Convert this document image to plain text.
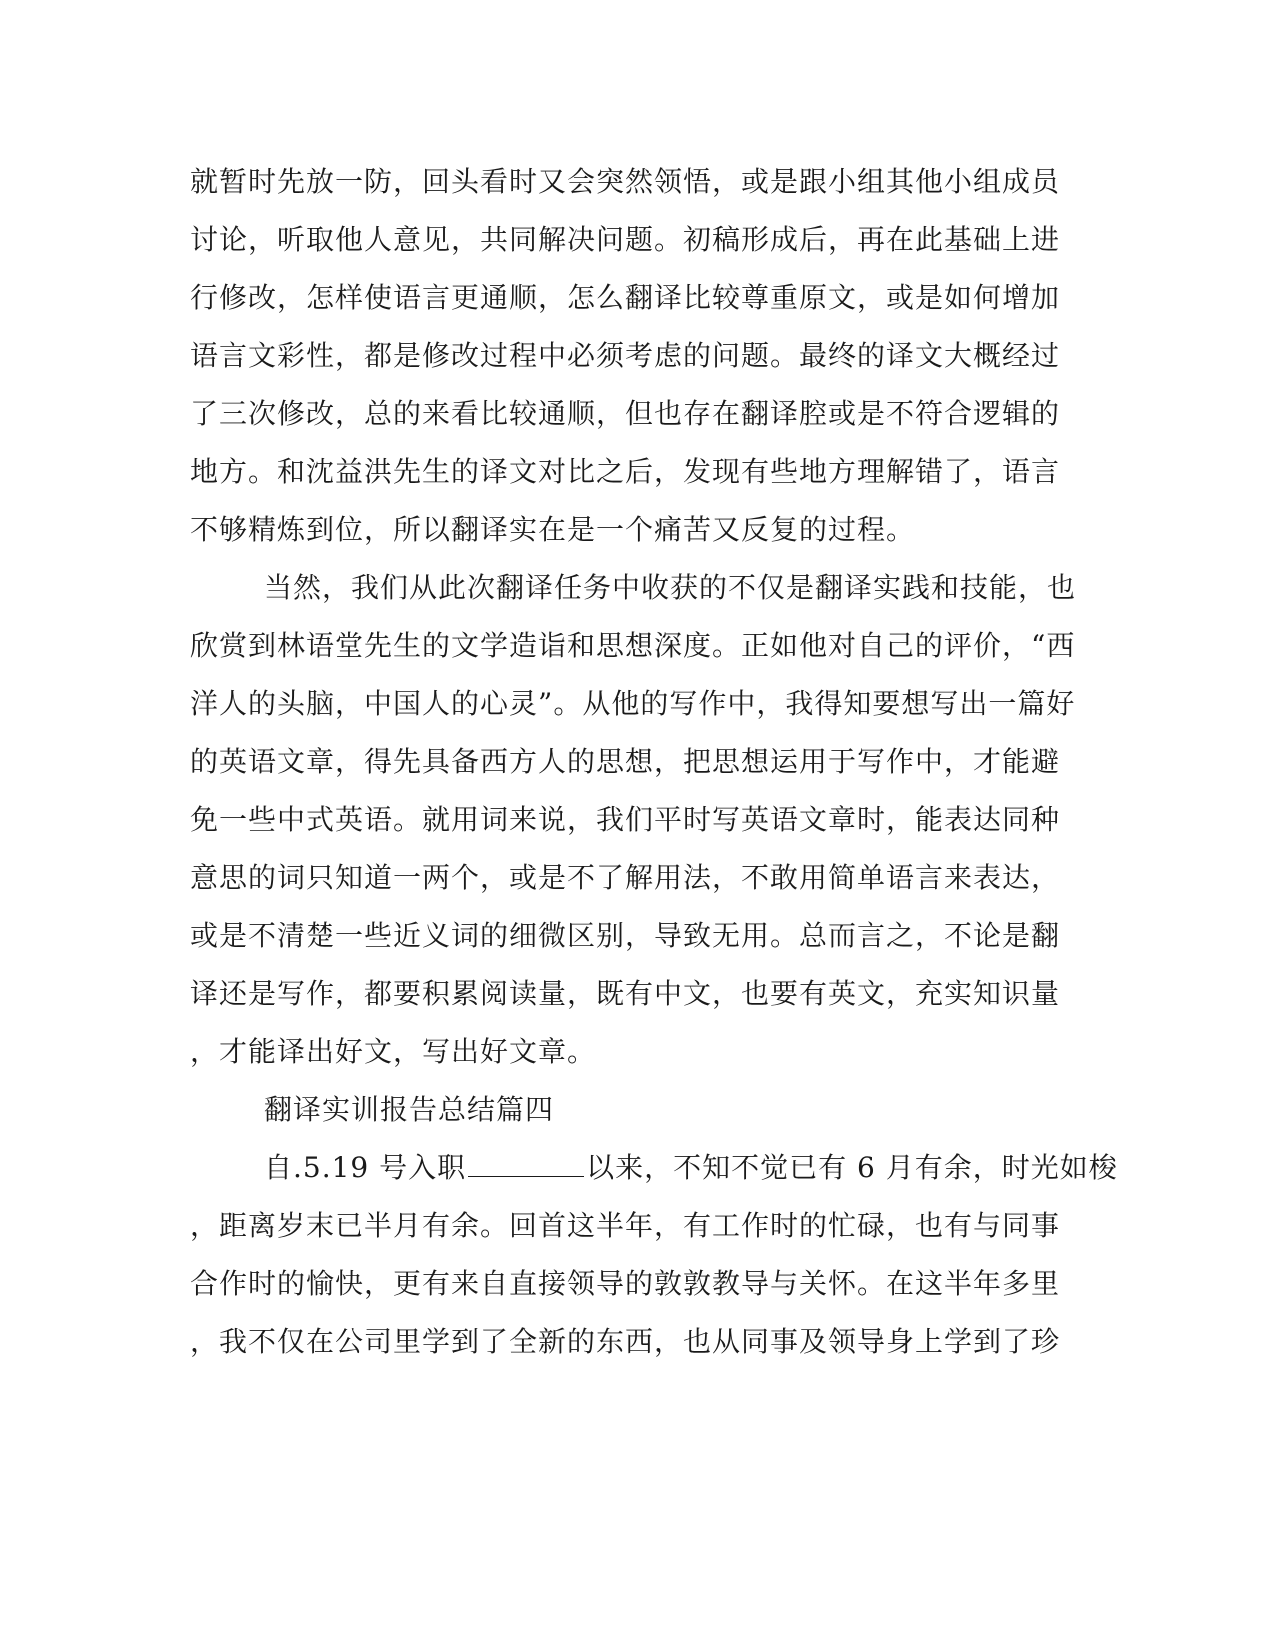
就暂时先放一防，回头看时又会突然领悟，或是跟小组其他小组成员
讨论，听取他人意见，共同解决问题。初稿形成后，再在此基础上进
行修改，怎样使语言更通顺，怎么翻译比较尊重原文，或是如何增加
语言文彩性，都是修改过程中必须考虑的问题。最终的译文大概经过
了三次修改，总的来看比较通顺，但也存在翻译腔或是不符合逻辑的
地方。和沈益洪先生的译文对比之后，发现有些地方理解错了，语言
不够精炼到位，所以翻译实在是一个痛苦又反复的过程。
当然，我们从此次翻译任务中收获的不仅是翻译实践和技能，也
欣赏到林语堂先生的文学造诣和思想深度。正如他对自己的评价，“西
洋人的头脑，中国人的心灵”。从他的写作中，我得知要想写出一篇好
的英语文章，得先具备西方人的思想，把思想运用于写作中，才能避
免一些中式英语。就用词来说，我们平时写英语文章时，能表达同种
意思的词只知道一两个，或是不了解用法，不敢用简单语言来表达，
或是不清楚一些近义词的细微区别，导致无用。总而言之，不论是翻
译还是写作，都要积累阅读量，既有中文，也要有英文，充实知识量
，才能译出好文，写出好文章。
翻译实训报告总结篇四
自.5.19 号入职	以来，不知不觉已有 6 月有余，时光如梭
，距离岁末已半月有余。回首这半年，有工作时的忙碌，也有与同事
合作时的愉快，更有来自直接领导的敦敦教导与关怀。在这半年多里
，我不仅在公司里学到了全新的东西，也从同事及领导身上学到了珍
